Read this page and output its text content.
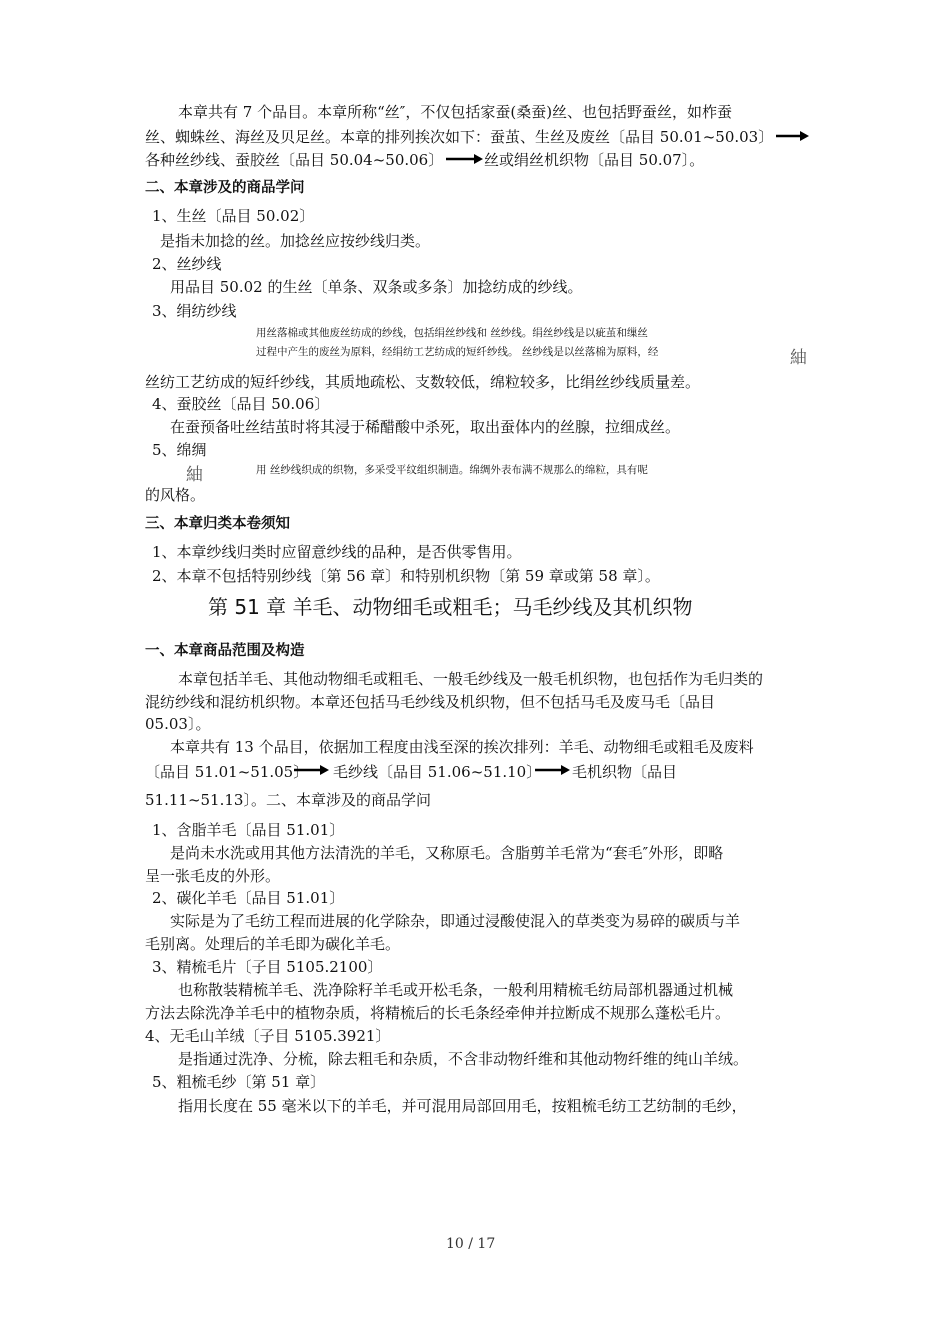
本章共有 7 个品目。本章所称“丝″，不仅包括家蚕(桑蚕)丝、也包括野蚕丝，如柞蚕
丝、蜘蛛丝、海丝及贝足丝。本章的排列挨次如下：蚕茧、生丝及废丝〔品目 50.01~50.03〕
各种丝纱线、蚕胶丝〔品目 50.04~50.06〕	丝或绢丝机织物〔品目 50.07〕。
二、本章涉及的商品学问
1、生丝〔品目 50.02〕
是指未加捻的丝。加捻丝应按纱线归类。
2、丝纱线
用品目 50.02 的生丝〔单条、双条或多条〕加捻纺成的纱线。
3、绢纺纱线
丝纺工艺纺成的短纤纱线，其质地疏松、支数较低，绵粒较多，比绢丝纱线质量差。
4、蚕胶丝〔品目 50.06〕
在蚕预备吐丝结茧时将其浸于稀醋酸中杀死，取出蚕体内的丝腺，拉细成丝。
5、绵绸
的风格。
三、本章归类本卷须知
1、本章纱线归类时应留意纱线的品种，是否供零售用。
2、本章不包括特别纱线〔第 56 章〕和特别机织物〔第 59 章或第 58 章〕。
一、本章商品范围及构造
本章包括羊毛、其他动物细毛或粗毛、一般毛纱线及一般毛机织物，也包括作为毛归类的
混纺纱线和混纺机织物。本章还包括马毛纱线及机织物，但不包括马毛及废马毛〔品目
05.03〕。
本章共有 13 个品目，依据加工程度由浅至深的挨次排列：羊毛、动物细毛或粗毛及废料
〔品目 51.01~51.05〕 毛纱线〔品目 51.06~51.10〕 毛机织物〔品目
51.11~51.13〕。二、本章涉及的商品学问
1、含脂羊毛〔品目 51.01〕
是尚未水洗或用其他方法清洗的羊毛，又称原毛。含脂剪羊毛常为“套毛″外形，即略
呈一张毛皮的外形。
2、碳化羊毛〔品目 51.01〕
实际是为了毛纺工程而进展的化学除杂，即通过浸酸使混入的草类变为易碎的碳质与羊
毛别离。处理后的羊毛即为碳化羊毛。
3、精梳毛片〔子目 5105.2100〕
也称散装精梳羊毛、洗净除籽羊毛或开松毛条，一般利用精梳毛纺局部机器通过机械
方法去除洗净羊毛中的植物杂质，将精梳后的长毛条经牵伸并拉断成不规那么蓬松毛片。
4、无毛山羊绒〔子目 5105.3921〕
是指通过洗净、分梳，除去粗毛和杂质，不含非动物纤维和其他动物纤维的纯山羊绒。
5、粗梳毛纱〔第 51 章〕
指用长度在 55 毫米以下的羊毛，并可混用局部回用毛，按粗梳毛纺工艺纺制的毛纱，
用丝落棉或其他废丝纺成的纱线，包括绢丝纱线和 丝纱线。绢丝纱线是以疵茧和缫丝
过程中产生的废丝为原料，经绢纺工艺纺成的短纤纱线。 丝纱线是以丝落棉为原料，经
用 丝纱线织成的织物，多采受平纹组织制造。绵绸外表布满不规那么的绵粒，具有呢
紬
紬
第 51 章 羊毛、动物细毛或粗毛；马毛纱线及其机织物
10 / 17
